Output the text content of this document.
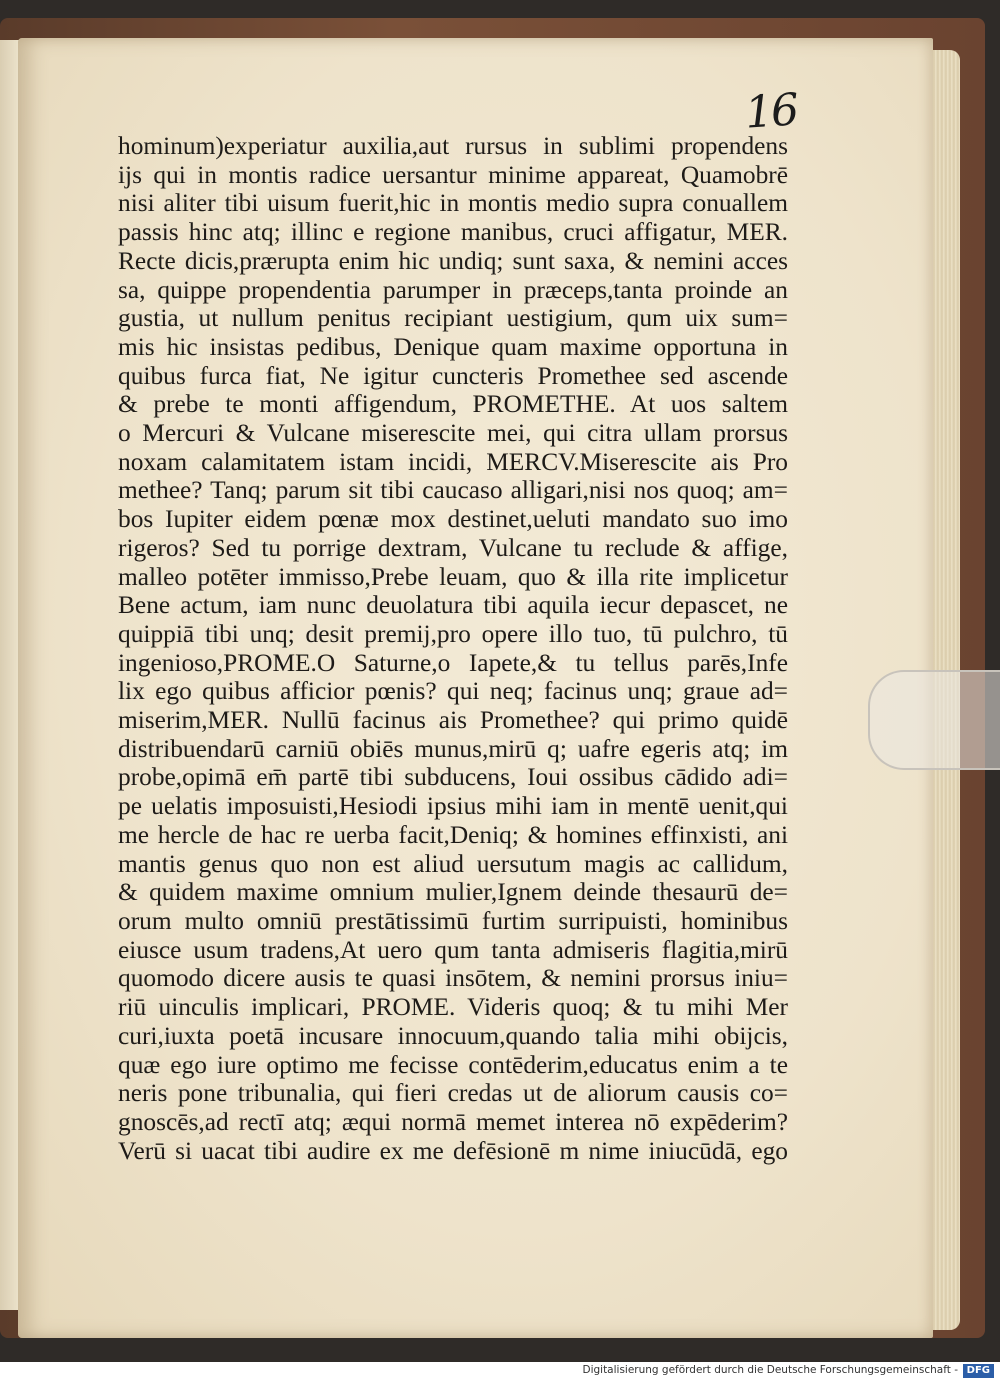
16
hominum)experiatur auxilia,aut rursus in sublimi propendens
ijs qui in montis radice uersantur minime appareat, Quamobrē
nisi aliter tibi uisum fuerit,hic in montis medio supra conuallem
passis hinc atq; illinc e regione manibus, cruci affigatur, MER.
Recte dicis,prærupta enim hic undiq; sunt saxa, & nemini acces
sa, quippe propendentia parumper in præceps,tanta proinde an
gustia, ut nullum penitus recipiant uestigium, qum uix sum=
mis hic insistas pedibus, Denique quam maxime opportuna in
quibus furca fiat, Ne igitur cuncteris Promethee sed ascende
& prebe te monti affigendum, PROMETHE. At uos saltem
o Mercuri & Vulcane miserescite mei, qui citra ullam prorsus
noxam calamitatem istam incidi, MERCV.Miserescite ais Pro
methee? Tanq; parum sit tibi caucaso alligari,nisi nos quoq; am=
bos Iupiter eidem pœnæ mox destinet,ueluti mandato suo imo
rigeros? Sed tu porrige dextram, Vulcane tu reclude & affige,
malleo potēter immisso,Prebe leuam, quo & illa rite implicetur
Bene actum, iam nunc deuolatura tibi aquila iecur depascet, ne
quippiā tibi unq; desit premij,pro opere illo tuo, tū pulchro, tū
ingenioso,PROME.O Saturne,o Iapete,& tu tellus parēs,Infe
lix ego quibus afficior pœnis? qui neq; facinus unq; graue ad=
miserim,MER. Nullū facinus ais Promethee? qui primo quidē
distribuendarū carniū obiēs munus,mirū q; uafre egeris atq; im
probe,opimā em̄ partē tibi subducens, Ioui ossibus cādido adi=
pe uelatis imposuisti,Hesiodi ipsius mihi iam in mentē uenit,qui
me hercle de hac re uerba facit,Deniq; & homines effinxisti, ani
mantis genus quo non est aliud uersutum magis ac callidum,
& quidem maxime omnium mulier,Ignem deinde thesaurū de=
orum multo omniū prestātissimū furtim surripuisti, hominibus
eiusce usum tradens,At uero qum tanta admiseris flagitia,mirū
quomodo dicere ausis te quasi insōtem, & nemini prorsus iniu=
riū uinculis implicari, PROME. Videris quoq; & tu mihi Mer
curi,iuxta poetā incusare innocuum,quando talia mihi obijcis,
quæ ego iure optimo me fecisse contēderim,educatus enim a te
neris pone tribunalia, qui fieri credas ut de aliorum causis co=
gnoscēs,ad rectī atq; æqui normā memet interea nō expēderim?
Verū si uacat tibi audire ex me defēsionē m nime iniucūdā, ego
Digitalisierung gefördert durch die Deutsche Forschungsgemeinschaft - DFG
